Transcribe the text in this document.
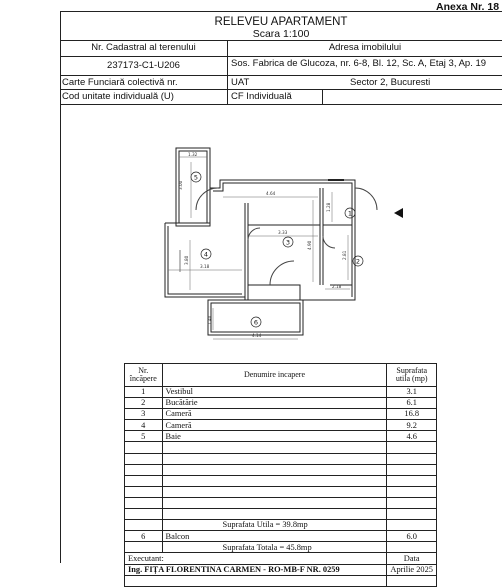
Anexa Nr. 18
RELEVEU APARTAMENT
Scara 1:100
Nr. Cadastral al terenului	Adresa imobilului
237173-C1-U206	Sos. Fabrica de Glucoza, nr. 6-8, Bl. 12, Sc. A, Etaj 3, Ap. 19
Carte Funciară colectivă nr.	UAT	Sector 2, Bucuresti
Cod unitate individuală (U)	CF Individuală
1.32
3.00
4.64
3.33
4.90
3.18
3.80
2.18
2.81
1.40
4.14
1.28
1
2
3
4
5
6
Nr. încăpere	Denumire incapere	Suprafata utila (mp)
1	Vestibul	3.1
2	Bucătărie	6.1
3	Cameră	16.8
4	Cameră	9.2
5	Baie	4.6

	Suprafata Utila = 39.8mp	
6	Balcon	6.0
	Suprafata Totala = 45.8mp	
Executant:		Data
Ing. FIȚA FLORENTINA CARMEN - RO-MB-F NR. 0259		Aprilie 2025
